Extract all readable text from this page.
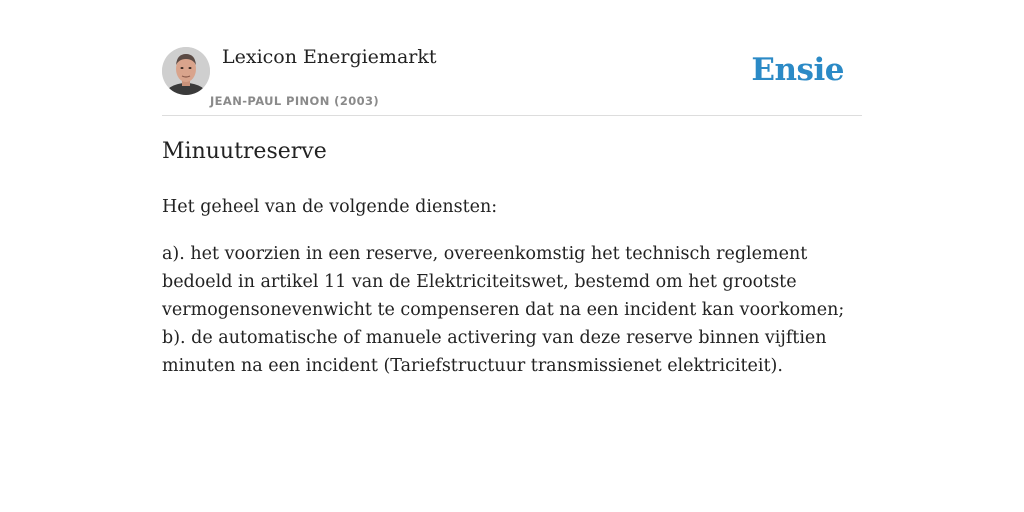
Lexicon Energiemarkt
JEAN-PAUL PINON (2003)
Ensie
Minuutreserve

Het geheel van de volgende diensten:

a). het voorzien in een reserve, overeenkomstig het technisch reglement bedoeld in artikel 11 van de Elektriciteitswet, bestemd om het grootste vermogensonevenwicht te compenseren dat na een incident kan voorkomen;
b). de automatische of manuele activering van deze reserve binnen vijftien minuten na een incident (Tariefstructuur transmissienet elektriciteit).
